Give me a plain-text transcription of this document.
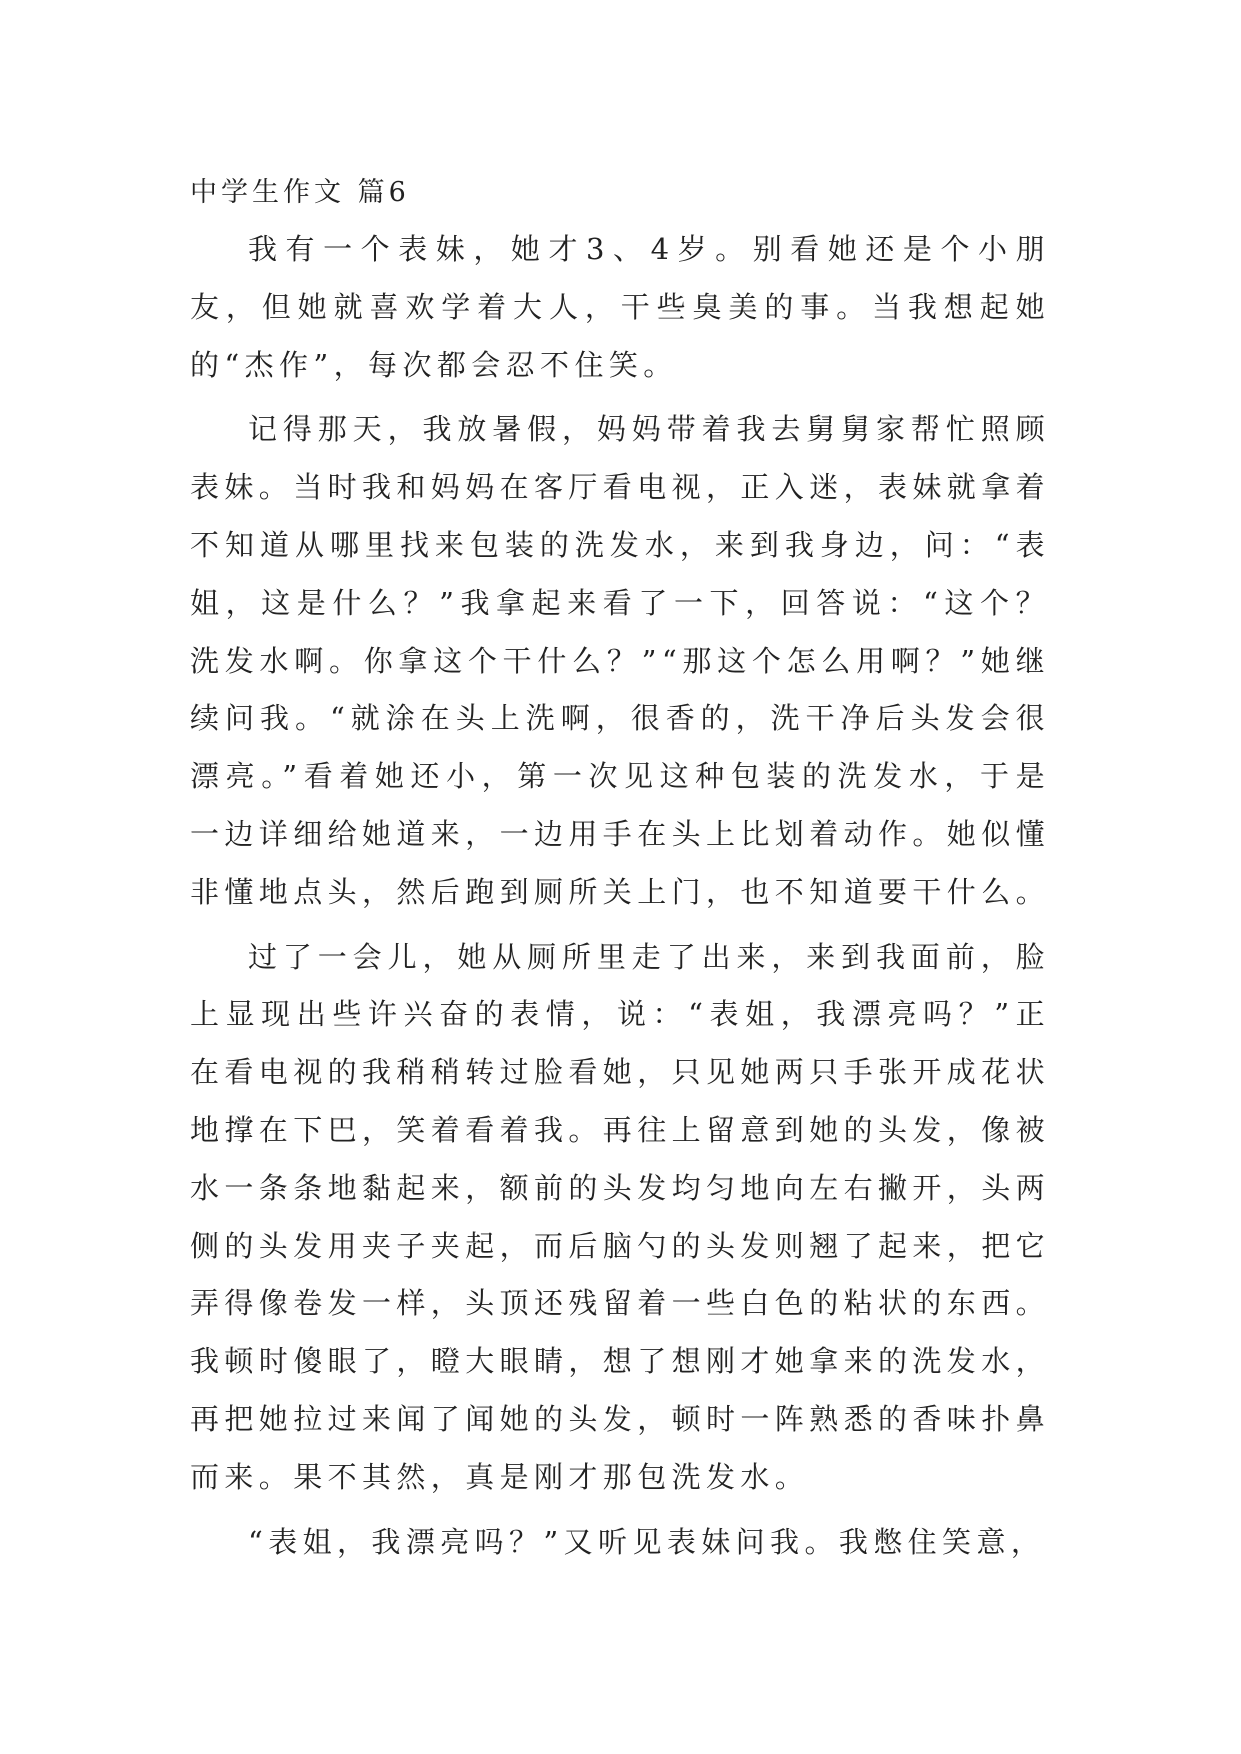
中学生作文 篇6

我有一个表妹，她才3、4岁。别看她还是个小朋友，但她就喜欢学着大人，干些臭美的事。当我想起她的“杰作”，每次都会忍不住笑。

记得那天，我放暑假，妈妈带着我去舅舅家帮忙照顾表妹。当时我和妈妈在客厅看电视，正入迷，表妹就拿着不知道从哪里找来包装的洗发水，来到我身边，问：“表姐，这是什么？”我拿起来看了一下，回答说：“这个？洗发水啊。你拿这个干什么？”“那这个怎么用啊？”她继续问我。“就涂在头上洗啊，很香的，洗干净后头发会很漂亮。”看着她还小，第一次见这种包装的洗发水，于是一边详细给她道来，一边用手在头上比划着动作。她似懂非懂地点头，然后跑到厕所关上门，也不知道要干什么。

过了一会儿，她从厕所里走了出来，来到我面前，脸上显现出些许兴奋的表情，说：“表姐，我漂亮吗？”正在看电视的我稍稍转过脸看她，只见她两只手张开成花状地撑在下巴，笑着看着我。再往上留意到她的头发，像被水一条条地黏起来，额前的头发均匀地向左右撇开，头两侧的头发用夹子夹起，而后脑勺的头发则翘了起来，把它弄得像卷发一样，头顶还残留着一些白色的粘状的东西。我顿时傻眼了，瞪大眼睛，想了想刚才她拿来的洗发水，再把她拉过来闻了闻她的头发，顿时一阵熟悉的香味扑鼻而来。果不其然，真是刚才那包洗发水。

“表姐，我漂亮吗？”又听见表妹问我。我憋住笑意，
